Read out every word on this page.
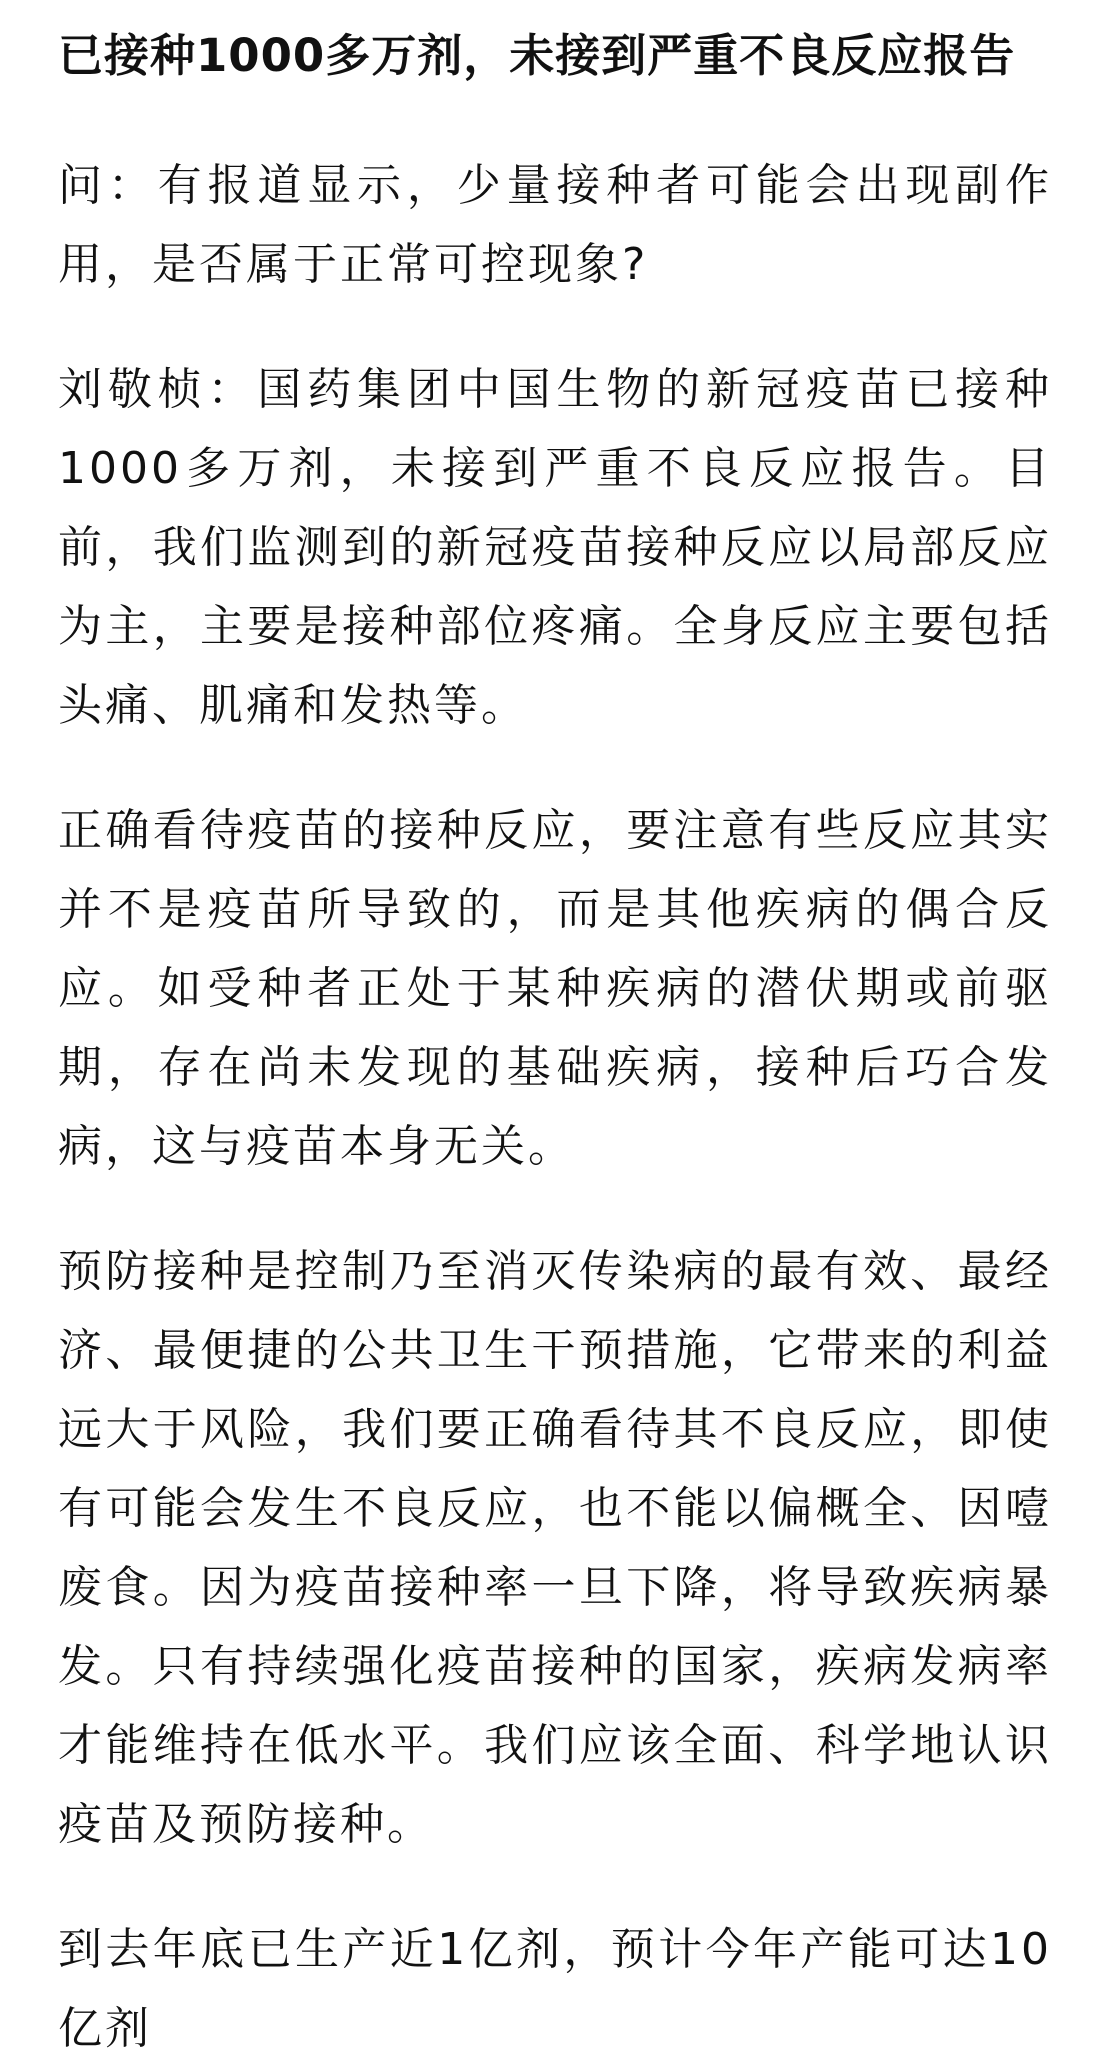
已接种1000多万剂，未接到严重不良反应报告

问：有报道显示，少量接种者可能会出现副作用，是否属于正常可控现象?

刘敬桢：国药集团中国生物的新冠疫苗已接种1000多万剂，未接到严重不良反应报告。目前，我们监测到的新冠疫苗接种反应以局部反应为主，主要是接种部位疼痛。全身反应主要包括头痛、肌痛和发热等。

正确看待疫苗的接种反应，要注意有些反应其实并不是疫苗所导致的，而是其他疾病的偶合反应。如受种者正处于某种疾病的潜伏期或前驱期，存在尚未发现的基础疾病，接种后巧合发病，这与疫苗本身无关。

预防接种是控制乃至消灭传染病的最有效、最经济、最便捷的公共卫生干预措施，它带来的利益远大于风险，我们要正确看待其不良反应，即使有可能会发生不良反应，也不能以偏概全、因噎废食。因为疫苗接种率一旦下降，将导致疾病暴发。只有持续强化疫苗接种的国家，疾病发病率才能维持在低水平。我们应该全面、科学地认识疫苗及预防接种。

到去年底已生产近1亿剂，预计今年产能可达10亿剂
